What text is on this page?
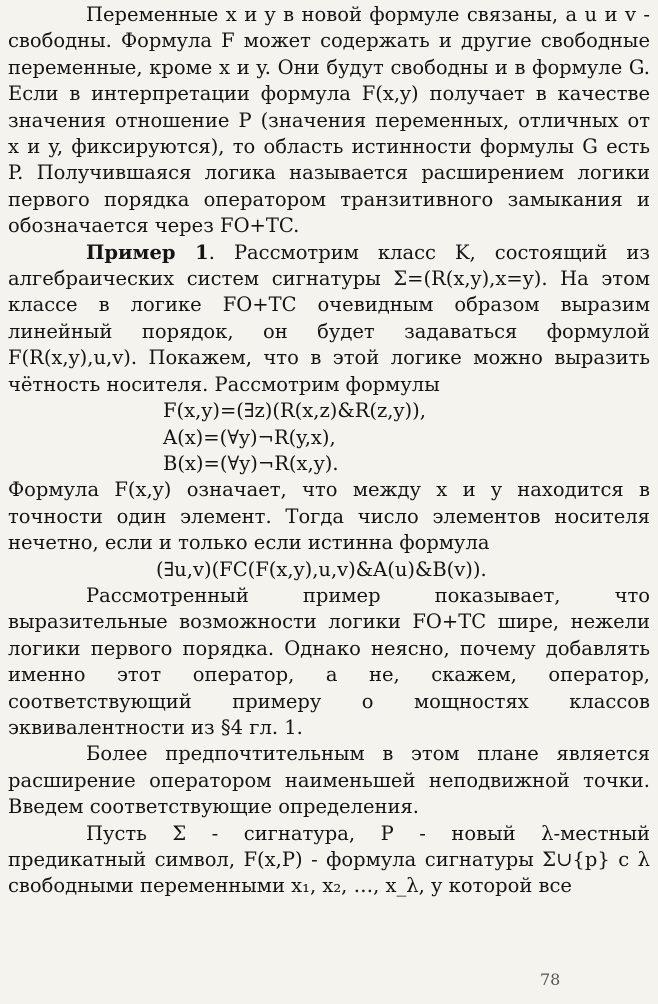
Переменные x и y в новой формуле связаны, а u и v - свободны. Формула F может содержать и другие свободные переменные, кроме x и y. Они будут свободны и в формуле G. Если в интерпретации формула F(x,y) получает в качестве значения отношение P (значения переменных, отличных от x и y, фиксируются), то область истинности формулы G есть P. Получившаяся логика называется расширением логики первого порядка оператором транзитивного замыкания и обозначается через FO+TC.

Пример 1. Рассмотрим класс K, состоящий из алгебраических систем сигнатуры Σ=(R(x,y),x=y). На этом классе в логике FO+TC очевидным образом выразим линейный порядок, он будет задаваться формулой F(R(x,y),u,v). Покажем, что в этой логике можно выразить чётность носителя. Рассмотрим формулы

F(x,y)=(∃z)(R(x,z)&R(z,y)),

A(x)=(∀y)¬R(y,x),

B(x)=(∀y)¬R(x,y).

Формула F(x,y) означает, что между x и y находится в точности один элемент. Тогда число элементов носителя нечетно, если и только если истинна формула

(∃u,v)(FC(F(x,y),u,v)&A(u)&B(v)).

Рассмотренный пример показывает, что выразительные возможности логики FO+TC шире, нежели логики первого порядка. Однако неясно, почему добавлять именно этот оператор, а не, скажем, оператор, соответствующий примеру о мощностях классов эквивалентности из §4 гл. 1.

Более предпочтительным в этом плане является расширение оператором наименьшей неподвижной точки. Введем соответствующие определения.

Пусть Σ - сигнатура, P - новый λ-местный предикатный символ, F(x,P) - формула сигнатуры Σ∪{p} с λ свободными переменными x₁, x₂, …, x_λ, у которой все

78
